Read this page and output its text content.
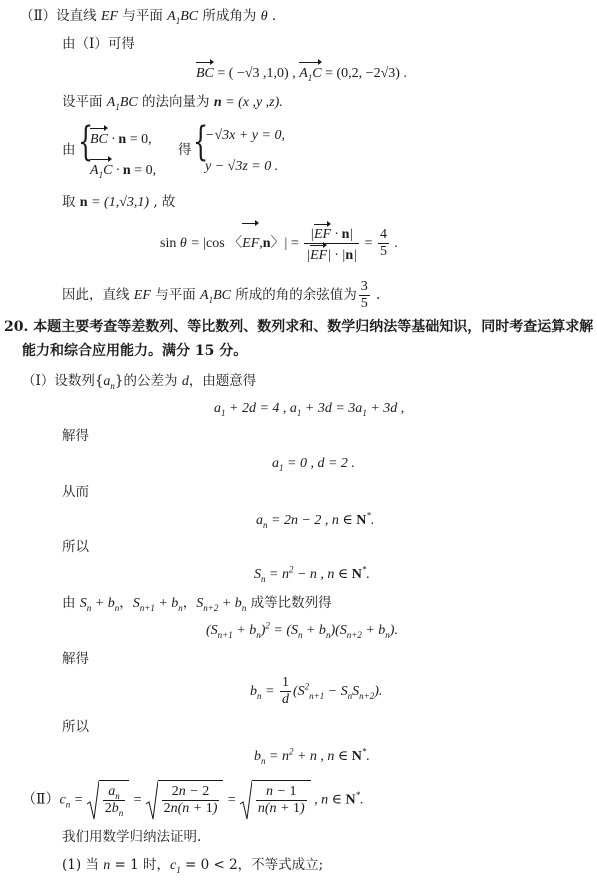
（Ⅱ）设直线 EF 与平面 $A_1BC$ 所成角为 θ .
由（Ⅰ）可得
BC = ( −√3 ,1,0) , $A_1C = (0,2$, −2√3) .
设平面 $A_1BC$ 的法向量为 n = (x ,y ,z).
由 {
BC · n = 0,
$A_1C \cdot n = 0$,
得 {
−√3x + y = 0,
y − √3z = 0 .
取 n = (1,√3,1) , 故
sin θ = |cos 〈EF,n〉| = $\frac{|EF \cdot n|}{|EF| \cdot |n|} = \frac{4}{5}$ .
因此，直线 EF 与平面 $A_1BC$ 所成的角的余弦值为 $\frac{3}{5}$ .
20. 本题主要考查等差数列、等比数列、数列求和、数学归纳法等基础知识，同时考查运算求解
能力和综合应用能力。满分 15 分。
（Ⅰ）设数列$\{a_n\}$的公差为 d，由题意得
$a_1 + 2d = 4$ , $a_1 + 3d = 3a_1 + 3d$ ,
解得
$a_1 = 0$ , d = 2 .
从而
$a_n = 2n - 2$ , n ∈ N*.
所以
$S_n = n^2 - n$ , n ∈ N*.
由 $S_n + b_n$，$S_{n+1} + b_n$，$S_{n+2} + b_n$ 成等比数列得
$(S_{n+1} + b_n)^2 = (S_n + b_n)(S_{n+2} + b_n)$.
解得
$b_n = \frac{1}{d} (S^2_{n+1} - S_nS_{n+2})$.
所以
$b_n = n^2 + n$ , n ∈ N*.
$(Ⅱ)c_n = \frac{a_n}{2b_n} = \frac{2n - 2}{2n(n + 1)} = \frac{n - 1}{n(n + 1)}$ , n ∈ N*.
我们用数学归纳法证明.
(1) 当 n = 1 时，$c_1 = 0 < 2$，不等式成立;
